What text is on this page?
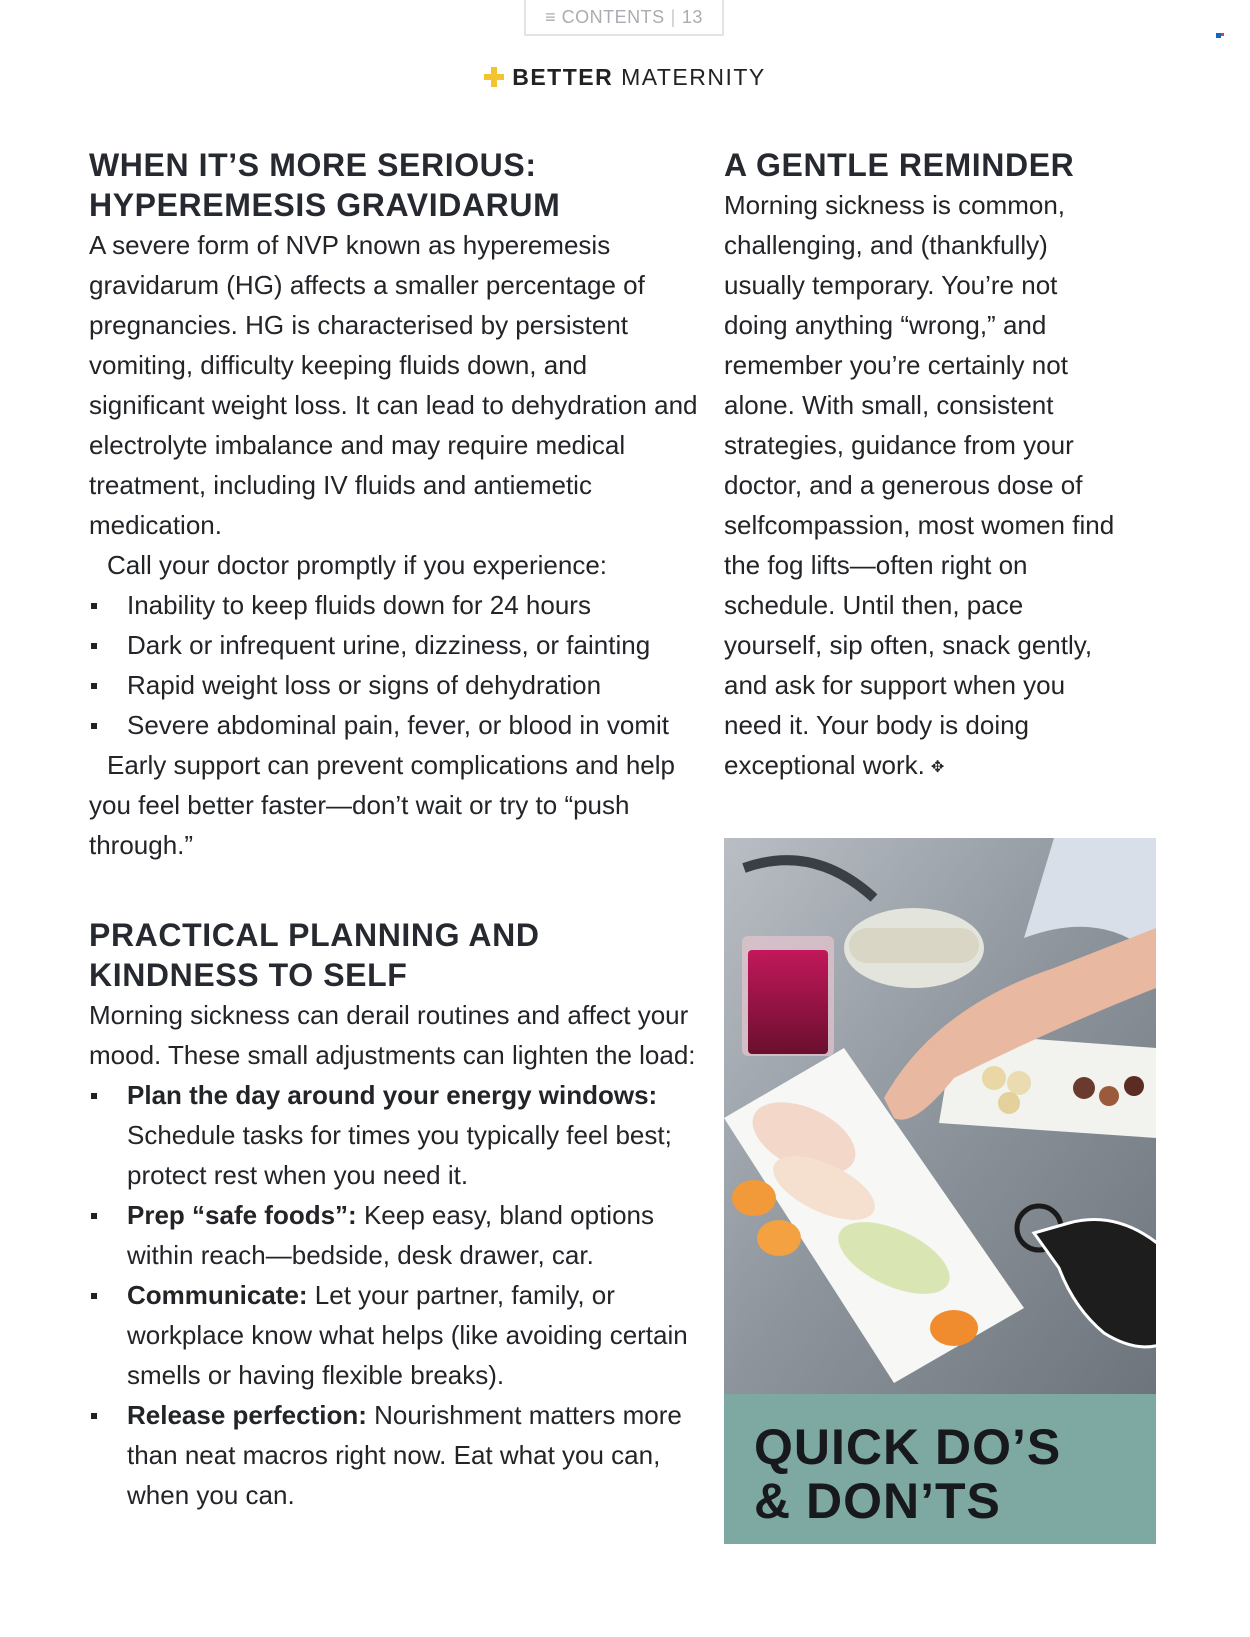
≡ CONTENTS | 13
BETTER MATERNITY
WHEN IT’S MORE SERIOUS:
HYPEREMESIS GRAVIDARUM

A severe form of NVP known as hyperemesis gravidarum (HG) affects a smaller percentage of pregnancies. HG is characterised by persistent vomiting, difficulty keeping fluids down, and significant weight loss. It can lead to dehydration and electrolyte imbalance and may require medical treatment, including IV fluids and antiemetic medication.

Call your doctor promptly if you experience:

Inability to keep fluids down for 24 hours
Dark or infrequent urine, dizziness, or fainting
Rapid weight loss or signs of dehydration
Severe abdominal pain, fever, or blood in vomit

Early support can prevent complications and help you feel better faster—don’t wait or try to “push through.”

PRACTICAL PLANNING AND
KINDNESS TO SELF

Morning sickness can derail routines and affect your mood. These small adjustments can lighten the load:

Plan the day around your energy windows: Schedule tasks for times you typically feel best; protect rest when you need it.
Prep “safe foods”: Keep easy, bland options within reach—bedside, desk drawer, car.
Communicate: Let your partner, family, or workplace know what helps (like avoiding certain smells or having flexible breaks).
Release perfection: Nourishment matters more than neat macros right now. Eat what you can, when you can.
A GENTLE REMINDER

Morning sickness is common, challenging, and (thankfully) usually temporary. You’re not doing anything “wrong,” and remember you’re certainly not alone. With small, consistent strategies, guidance from your doctor, and a generous dose of selfcompassion, most women find the fog lifts—often right on schedule. Until then, pace yourself, sip often, snack gently, and ask for support when you need it. Your body is doing exceptional work. ✥

QUICK DO’S
& DON’TS
